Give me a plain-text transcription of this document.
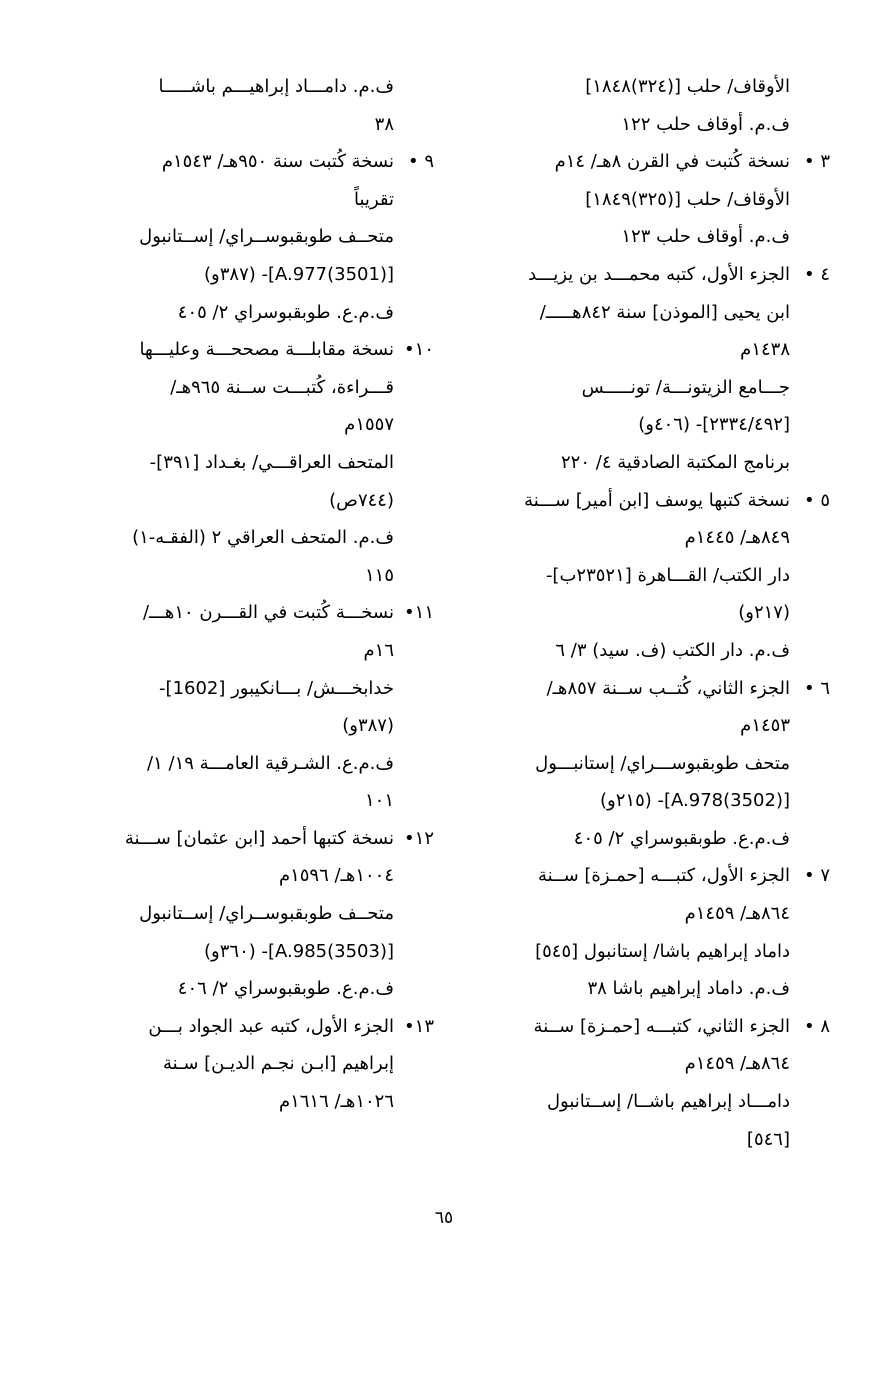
الأوقاف/ حلب [(٣٢٤)١٨٤٨]
ف.م. أوقاف حلب ١٢٢
٣ •نسخة كُتبت في القرن ٨هـ/ ١٤م
الأوقاف/ حلب [(٣٢٥)١٨٤٩]
ف.م. أوقاف حلب ١٢٣
٤ •الجزء الأول، كتبه محمـــد بن يزيـــد
ابن يحيى [الموذن] سنة ٨٤٢هـــــ/
١٤٣٨م
جـــامع الزيتونـــة/ تونـــــس
[٢٣٣٤/٤٩٢]- (٤٠٦و)
برنامج المكتبة الصادقية ٤/ ٢٢٠
٥ •نسخة كتبها يوسف [ابن أمير] ســـنة
٨٤٩هـ/ ١٤٤٥م
دار الكتب/ القـــاهرة [٢٣٥٢١ب]-
(٢١٧و)
ف.م. دار الكتب (ف. سيد) ٣/ ٦
٦ •الجزء الثاني، كُتــب ســنة ٨٥٧هـ/
١٤٥٣م
متحف طوبقبوســـراي/ إستانبـــول
[A.978(3502)]- (٢١٥و)
ف.م.ع. طوبقبوسراي ٢/ ٤٠٥
٧ •الجزء الأول، كتبـــه [حمـزة] ســنة
٨٦٤هـ/ ١٤٥٩م
داماد إبراهيم باشا/ إستانبول [٥٤٥]
ف.م. داماد إبراهيم باشا ٣٨
٨ •الجزء الثاني، كتبـــه [حمـزة] ســنة
٨٦٤هـ/ ١٤٥٩م
دامـــاد إبراهيم باشــا/ إســتانبول
[٥٤٦]
ف.م. دامـــاد إبراهيـــم باشـــــا
٣٨
٩ •نسخة كُتبت سنة ٩٥٠هـ/ ١٥٤٣م
تقريباً
متحــف طوبقبوســراي/ إســتانبول
[A.977(3501)]- (٣٨٧و)
ف.م.ع. طوبقبوسراي ٢/ ٤٠٥
١٠•نسخة مقابلـــة مصححـــة وعليـــها
قـــراءة، كُتبـــت ســنة ٩٦٥هـ/
١٥٥٧م
المتحف العراقـــي/ بغـداد [٣٩١]-
(٧٤٤ص)
ف.م. المتحف العراقي ٢ (الفقـه-١)
١١٥
١١•نسخـــة كُتبت في القـــرن ١٠هـــ/
١٦م
خدابخـــش/ بـــانكيبور [1602]-
(٣٨٧و)
ف.م.ع. الشـرقية العامـــة ١٩/ ١/
١٠١
١٢•نسخة كتبها أحمد [ابن عثمان] ســـنة
١٠٠٤هـ/ ١٥٩٦م
متحــف طوبقبوســراي/ إســتانبول
[A.985(3503)]- (٣٦٠و)
ف.م.ع. طوبقبوسراي ٢/ ٤٠٦
١٣•الجزء الأول، كتبه عبد الجواد بـــن
إبراهيم [ابـن نجـم الديـن] سـنة
١٠٢٦هـ/ ١٦١٦م
٦٥
